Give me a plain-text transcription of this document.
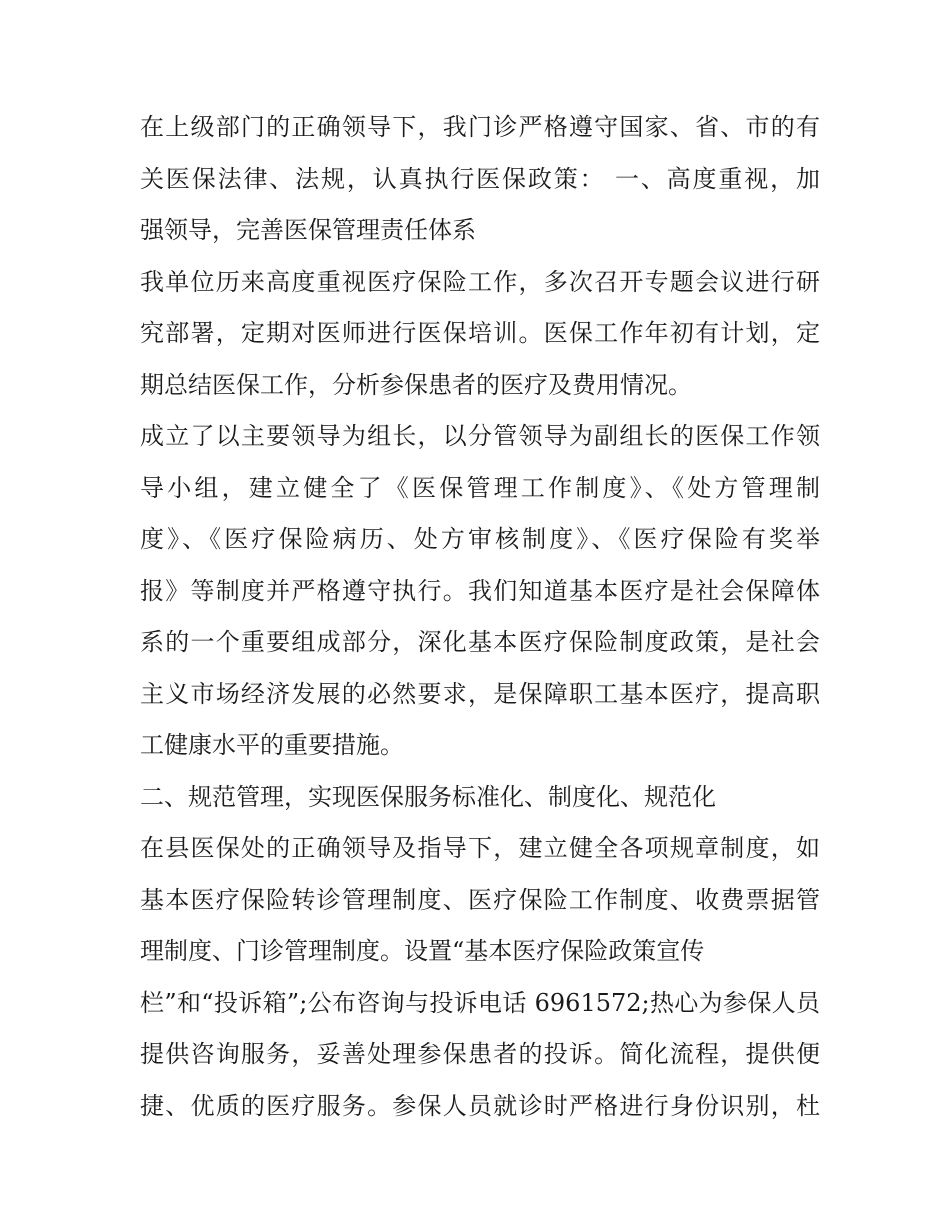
在上级部门的正确领导下，我门诊严格遵守国家、省、市的有
关医保法律、法规，认真执行医保政策： 一、高度重视，加
强领导，完善医保管理责任体系
我单位历来高度重视医疗保险工作，多次召开专题会议进行研
究部署，定期对医师进行医保培训。医保工作年初有计划，定
期总结医保工作，分析参保患者的医疗及费用情况。
成立了以主要领导为组长，以分管领导为副组长的医保工作领
导小组，建立健全了《医保管理工作制度》、《处方管理制
度》、《医疗保险病历、处方审核制度》、《医疗保险有奖举
报》等制度并严格遵守执行。我们知道基本医疗是社会保障体
系的一个重要组成部分，深化基本医疗保险制度政策，是社会
主义市场经济发展的必然要求，是保障职工基本医疗，提高职
工健康水平的重要措施。
二、规范管理，实现医保服务标准化、制度化、规范化
在县医保处的正确领导及指导下，建立健全各项规章制度，如
基本医疗保险转诊管理制度、医疗保险工作制度、收费票据管
理制度、门诊管理制度。设置“基本医疗保险政策宣传
栏”和“投诉箱”;公布咨询与投诉电话 6961572;热心为参保人员
提供咨询服务，妥善处理参保患者的投诉。简化流程，提供便
捷、优质的医疗服务。参保人员就诊时严格进行身份识别，杜
